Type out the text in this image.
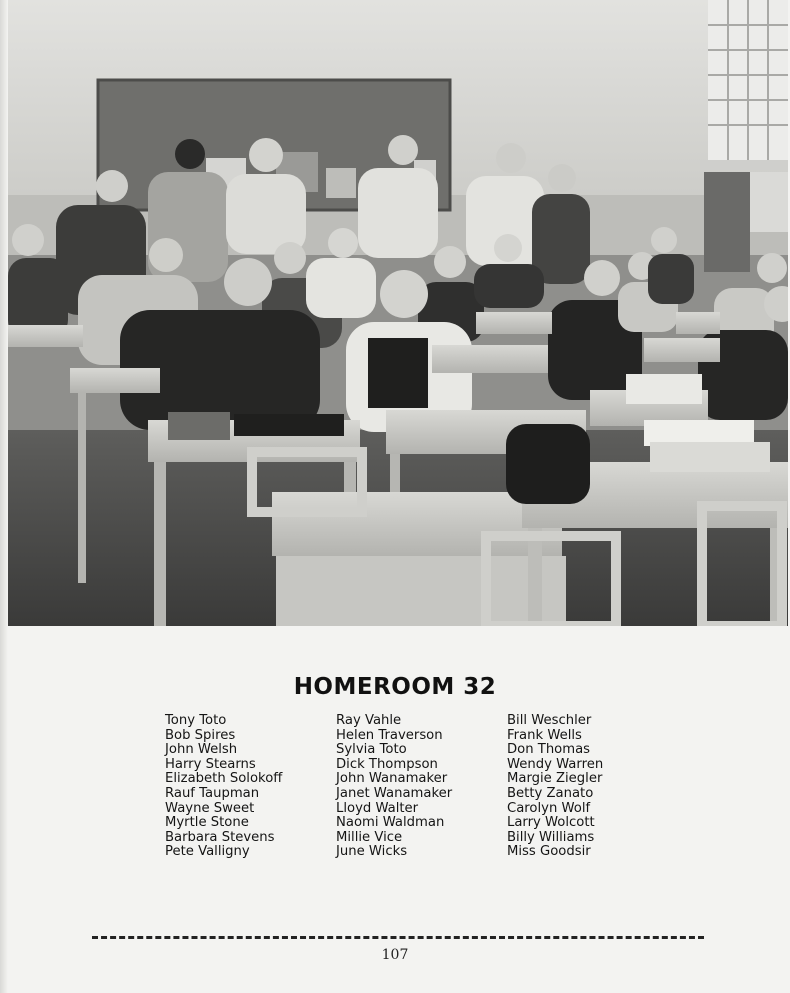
HOMEROOM 32
Tony Toto
Bob Spires
John Welsh
Harry Stearns
Elizabeth Solokoff
Rauf Taupman
Wayne Sweet
Myrtle Stone
Barbara Stevens
Pete Valligny
Ray Vahle
Helen Traverson
Sylvia Toto
Dick Thompson
John Wanamaker
Janet Wanamaker
Lloyd Walter
Naomi Waldman
Millie Vice
June Wicks
Bill Weschler
Frank Wells
Don Thomas
Wendy Warren
Margie Ziegler
Betty Zanato
Carolyn Wolf
Larry Wolcott
Billy Williams
Miss Goodsir
107
